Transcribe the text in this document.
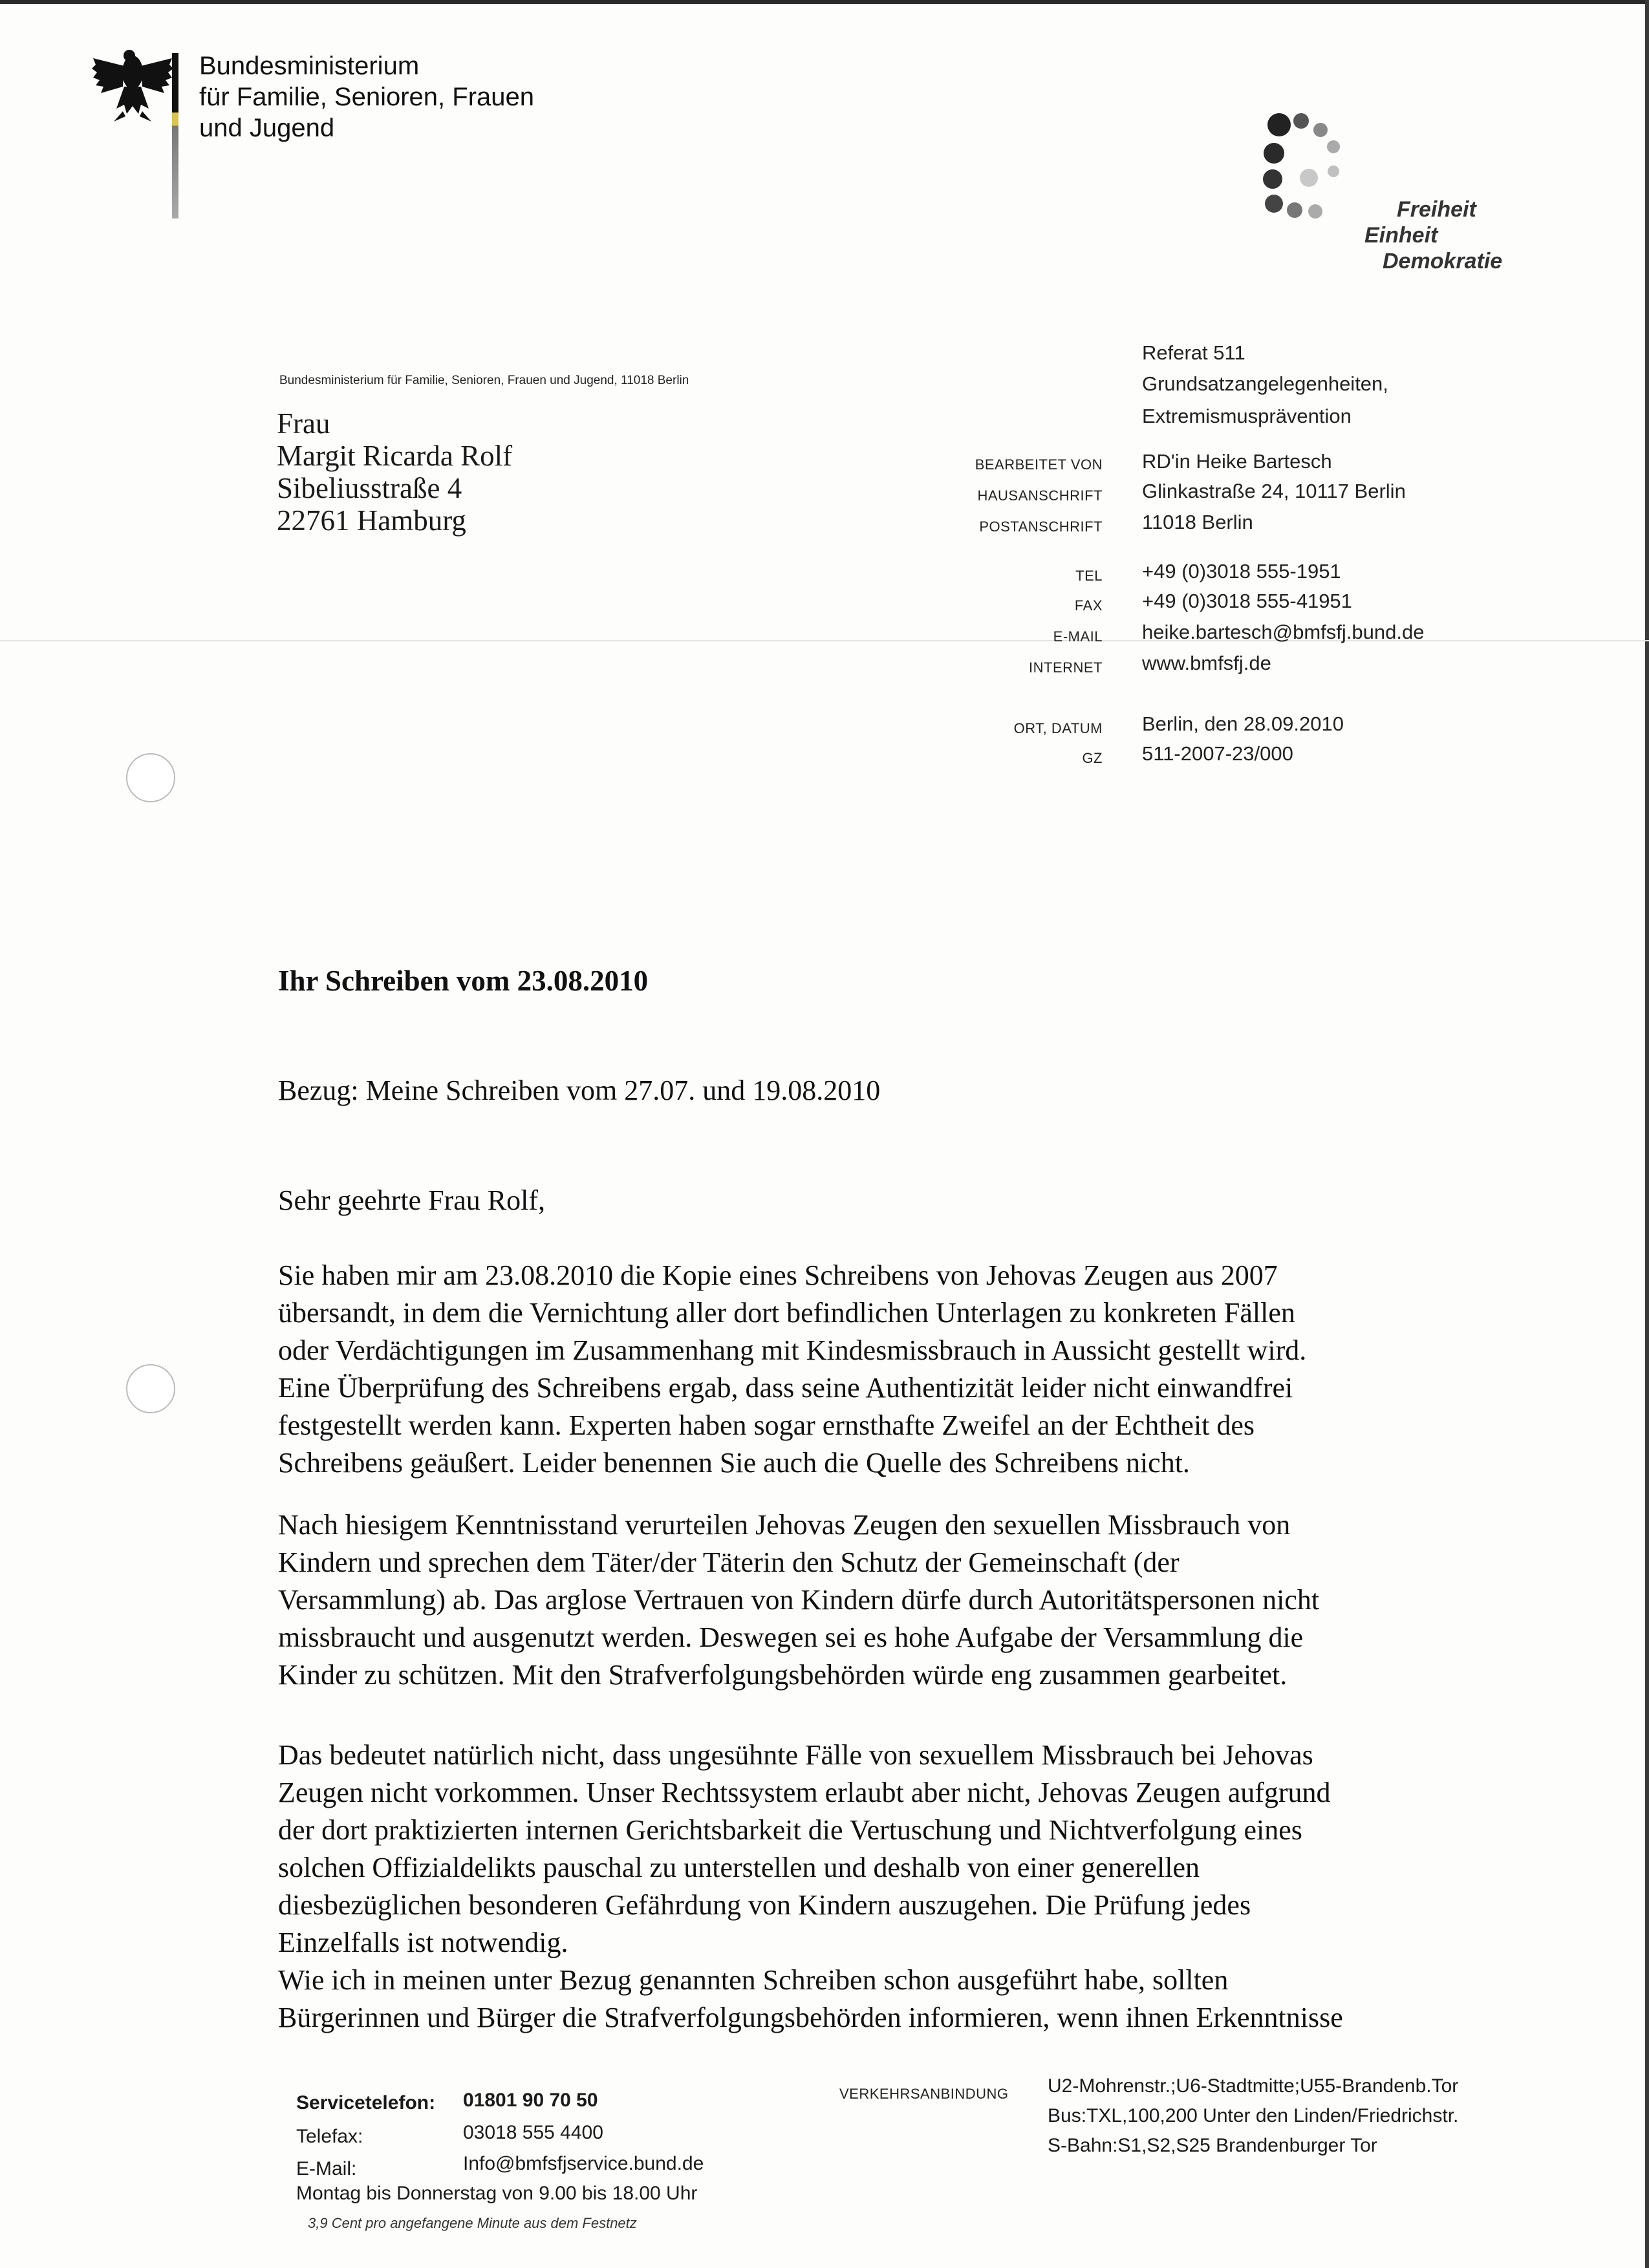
Bundesministerium
für Familie, Senioren, Frauen
und Jugend
Freiheit
Einheit
Demokratie
Bundesministerium für Familie, Senioren, Frauen und Jugend, 11018 Berlin
Frau
Margit Ricarda Rolf
Sibeliusstraße 4
22761 Hamburg
Referat 511
Grundsatzangelegenheiten,
Extremismusprävention
BEARBEITET VON RD'in Heike Bartesch
HAUSANSCHRIFT Glinkastraße 24, 10117 Berlin
POSTANSCHRIFT 11018 Berlin
TEL +49 (0)3018 555-1951
FAX +49 (0)3018 555-41951
E-MAIL heike.bartesch@bmfsfj.bund.de
INTERNET www.bmfsfj.de
ORT, DATUM Berlin, den 28.09.2010
GZ 511-2007-23/000
Ihr Schreiben vom 23.08.2010
Bezug: Meine Schreiben vom 27.07. und 19.08.2010
Sehr geehrte Frau Rolf,

Sie haben mir am 23.08.2010 die Kopie eines Schreibens von Jehovas Zeugen aus 2007

übersandt, in dem die Vernichtung aller dort befindlichen Unterlagen zu konkreten Fällen

oder Verdächtigungen im Zusammenhang mit Kindesmissbrauch in Aussicht gestellt wird.

Eine Überprüfung des Schreibens ergab, dass seine Authentizität leider nicht einwandfrei

festgestellt werden kann. Experten haben sogar ernsthafte Zweifel an der Echtheit des

Schreibens geäußert. Leider benennen Sie auch die Quelle des Schreibens nicht.

Nach hiesigem Kenntnisstand verurteilen Jehovas Zeugen den sexuellen Missbrauch von

Kindern und sprechen dem Täter/der Täterin den Schutz der Gemeinschaft (der

Versammlung) ab. Das arglose Vertrauen von Kindern dürfe durch Autoritätspersonen nicht

missbraucht und ausgenutzt werden. Deswegen sei es hohe Aufgabe der Versammlung die

Kinder zu schützen. Mit den Strafverfolgungsbehörden würde eng zusammen gearbeitet.

Das bedeutet natürlich nicht, dass ungesühnte Fälle von sexuellem Missbrauch bei Jehovas

Zeugen nicht vorkommen. Unser Rechtssystem erlaubt aber nicht, Jehovas Zeugen aufgrund

der dort praktizierten internen Gerichtsbarkeit die Vertuschung und Nichtverfolgung eines

solchen Offizialdelikts pauschal zu unterstellen und deshalb von einer generellen

diesbezüglichen besonderen Gefährdung von Kindern auszugehen. Die Prüfung jedes

Einzelfalls ist notwendig.

Wie ich in meinen unter Bezug genannten Schreiben schon ausgeführt habe, sollten

Bürgerinnen und Bürger die Strafverfolgungsbehörden informieren, wenn ihnen Erkenntnisse

Servicetelefon: 01801 90 70 50
Telefax:	03018 555 4400
E-Mail:	Info@bmfsfjservice.bund.de
Montag bis Donnerstag von 9.00 bis 18.00 Uhr
3,9 Cent pro angefangene Minute aus dem Festnetz
VERKEHRSANBINDUNG U2-Mohrenstr.;U6-Stadtmitte;U55-Brandenb.Tor
Bus:TXL,100,200 Unter den Linden/Friedrichstr.
S-Bahn:S1,S2,S25 Brandenburger Tor
